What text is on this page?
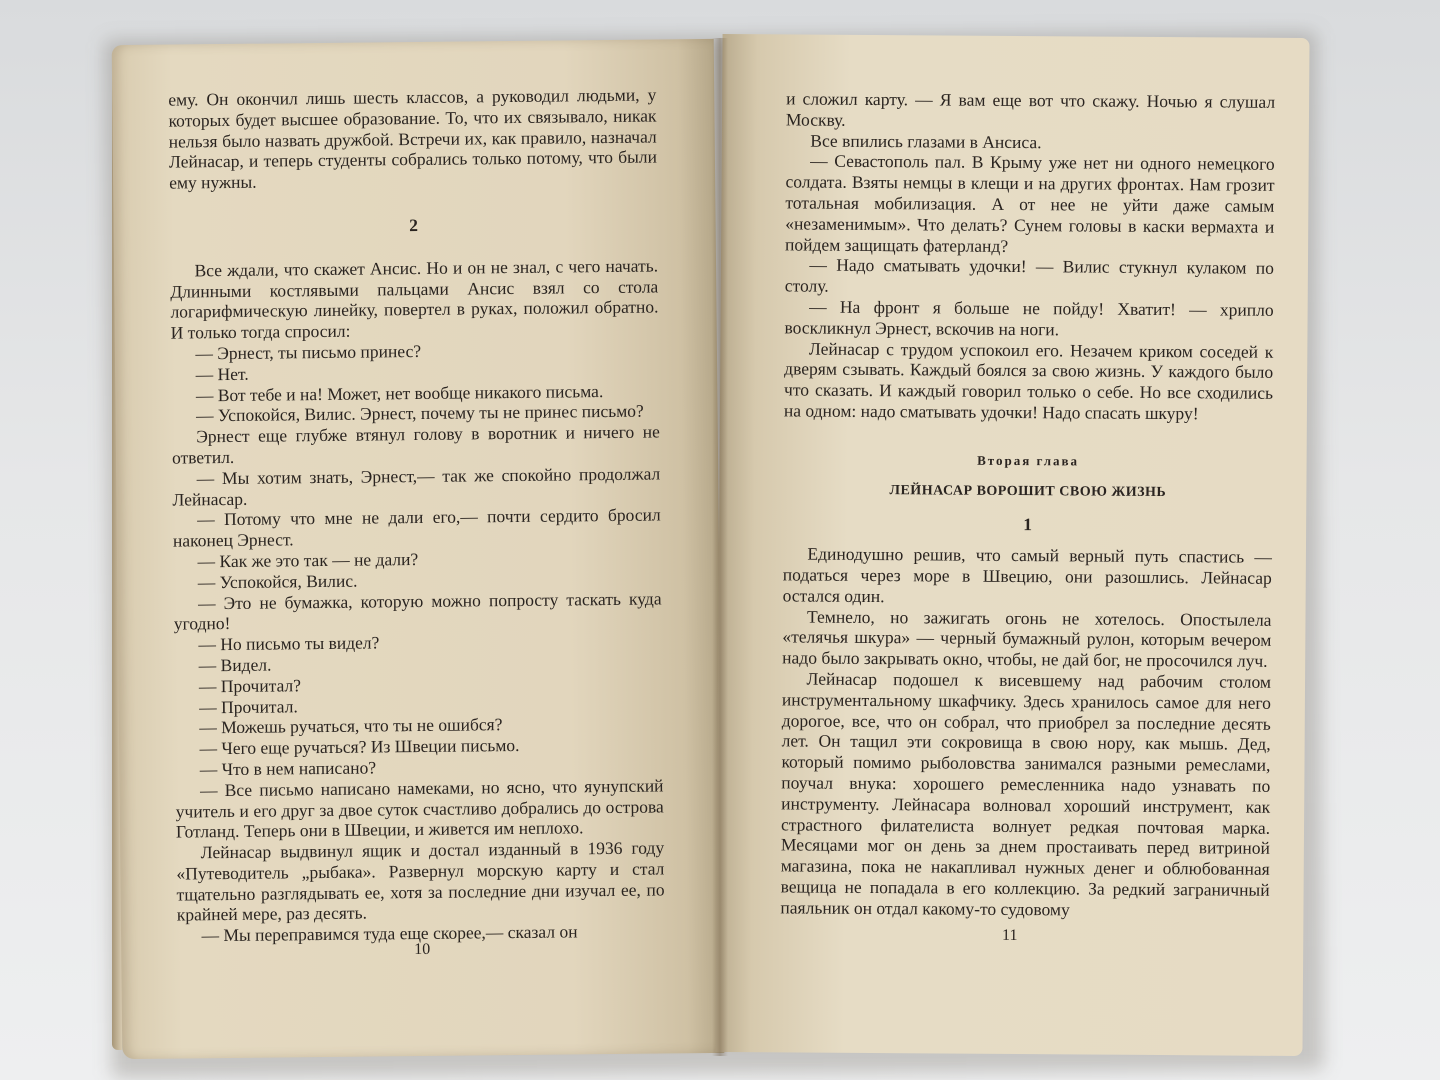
ему. Он окончил лишь шесть классов, а руководил людьми, у которых будет высшее образование. То, что их связывало, никак нельзя было назвать дружбой. Встречи их, как правило, назначал Лейнасар, и теперь студенты собрались только потому, что были ему нужны.

2

Все ждали, что скажет Ансис. Но и он не знал, с чего начать. Длинными костлявыми пальцами Ансис взял со стола логарифмическую линейку, повертел в руках, положил обратно. И только тогда спросил:

— Эрнест, ты письмо принес?

— Нет.

— Вот тебе и на! Может, нет вообще никакого письма.

— Успокойся, Вилис. Эрнест, почему ты не принес письмо?

Эрнест еще глубже втянул голову в воротник и ничего не ответил.

— Мы хотим знать, Эрнест,— так же спокойно продолжал Лейнасар.

— Потому что мне не дали его,— почти сердито бросил наконец Эрнест.

— Как же это так — не дали?

— Успокойся, Вилис.

— Это не бумажка, которую можно попросту таскать куда угодно!

— Но письмо ты видел?

— Видел.

— Прочитал?

— Прочитал.

— Можешь ручаться, что ты не ошибся?

— Чего еще ручаться? Из Швеции письмо.

— Что в нем написано?

— Все письмо написано намеками, но ясно, что яунупский учитель и его друг за двое суток счастливо добрались до острова Готланд. Теперь они в Швеции, и живется им неплохо.

Лейнасар выдвинул ящик и достал изданный в 1936 году «Путеводитель „рыбака». Развернул морскую карту и стал тщательно разглядывать ее, хотя за последние дни изучал ее, по крайней мере, раз десять.

— Мы переправимся туда еще скорее,— сказал он

10

и сложил карту. — Я вам еще вот что скажу. Ночью я слушал Москву.

Все впились глазами в Ансиса.

— Севастополь пал. В Крыму уже нет ни одного немецкого солдата. Взяты немцы в клещи и на других фронтах. Нам грозит тотальная мобилизация. А от нее не уйти даже самым «незаменимым». Что делать? Сунем головы в каски вермахта и пойдем защищать фатерланд?

— Надо сматывать удочки! — Вилис стукнул кулаком по столу.

— На фронт я больше не пойду! Хватит! — хрипло воскликнул Эрнест, вскочив на ноги.

Лейнасар с трудом успокоил его. Незачем криком соседей к дверям сзывать. Каждый боялся за свою жизнь. У каждого было что сказать. И каждый говорил только о себе. Но все сходились на одном: надо сматывать удочки! Надо спасать шкуру!

Вторая глава
ЛЕЙНАСАР ВОРОШИТ СВОЮ ЖИЗНЬ
1

Единодушно решив, что самый верный путь спастись — податься через море в Швецию, они разошлись. Лейнасар остался один.

Темнело, но зажигать огонь не хотелось. Опостылела «телячья шкура» — черный бумажный рулон, которым вечером надо было закрывать окно, чтобы, не дай бог, не просочился луч.

Лейнасар подошел к висевшему над рабочим столом инструментальному шкафчику. Здесь хранилось самое для него дорогое, все, что он собрал, что приобрел за последние десять лет. Он тащил эти сокровища в свою нору, как мышь. Дед, который помимо рыболовства занимался разными ремеслами, поучал внука: хорошего ремесленника надо узнавать по инструменту. Лейнасара волновал хороший инструмент, как страстного филателиста волнует редкая почтовая марка. Месяцами мог он день за днем простаивать перед витриной магазина, пока не накапливал нужных денег и облюбованная вещица не попадала в его коллекцию. За редкий заграничный паяльник он отдал какому-то судовому

11
